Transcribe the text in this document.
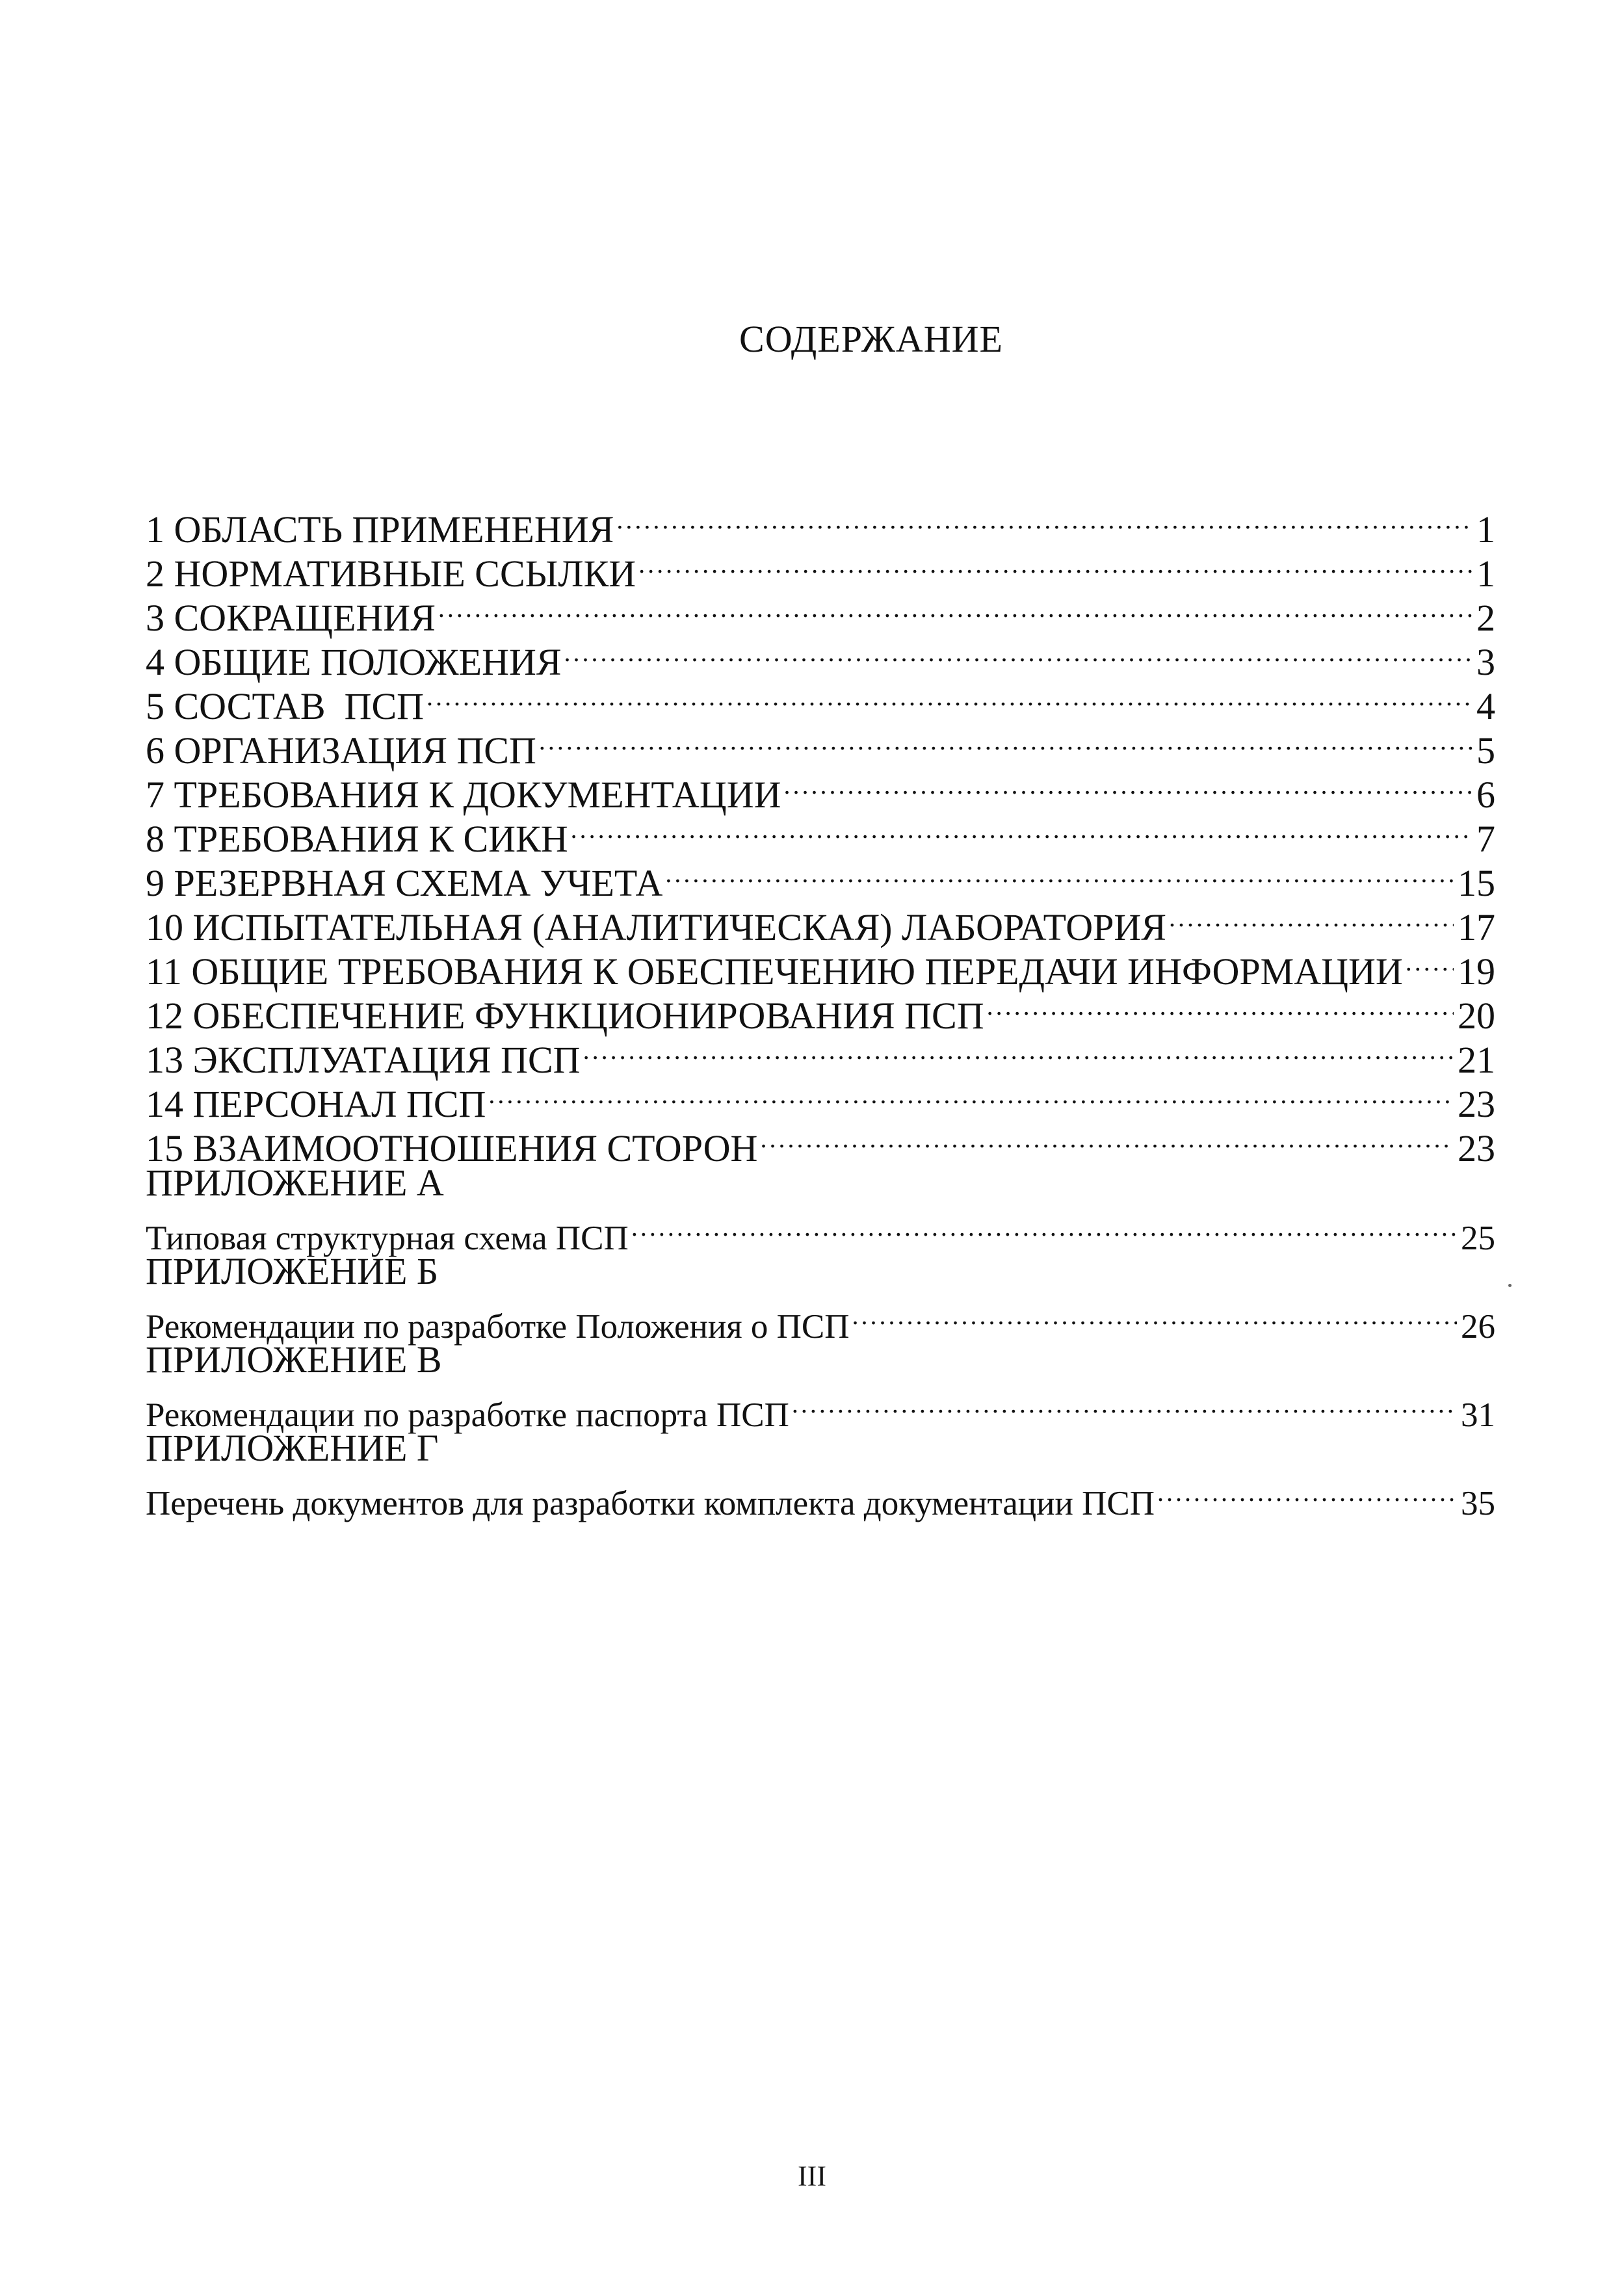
СОДЕРЖАНИЕ
1 ОБЛАСТЬ ПРИМЕНЕНИЯ .....	1
2 НОРМАТИВНЫЕ ССЫЛКИ .....	1
3 СОКРАЩЕНИЯ .....	2
4 ОБЩИЕ ПОЛОЖЕНИЯ .....	3
5 СОСТАВ  ПСП .....	4
6 ОРГАНИЗАЦИЯ ПСП .....	5
7 ТРЕБОВАНИЯ К ДОКУМЕНТАЦИИ .....	6
8 ТРЕБОВАНИЯ К СИКН .....	7
9 РЕЗЕРВНАЯ СХЕМА УЧЕТА .....	15
10 ИСПЫТАТЕЛЬНАЯ (АНАЛИТИЧЕСКАЯ) ЛАБОРАТОРИЯ .....	17
11 ОБЩИЕ ТРЕБОВАНИЯ К ОБЕСПЕЧЕНИЮ ПЕРЕДАЧИ ИНФОРМАЦИИ ..... 19
12 ОБЕСПЕЧЕНИЕ ФУНКЦИОНИРОВАНИЯ ПСП .....	20
13 ЭКСПЛУАТАЦИЯ ПСП .....	21
14 ПЕРСОНАЛ ПСП .....	23
15 ВЗАИМООТНОШЕНИЯ СТОРОН .....	23
ПРИЛОЖЕНИЕ А
Типовая структурная схема ПСП .....	25
ПРИЛОЖЕНИЕ Б
Рекомендации по разработке Положения о ПСП .....	26
ПРИЛОЖЕНИЕ В
Рекомендации по разработке паспорта ПСП .....	31
ПРИЛОЖЕНИЕ Г
Перечень документов для разработки комплекта документации ПСП .....	35
III
